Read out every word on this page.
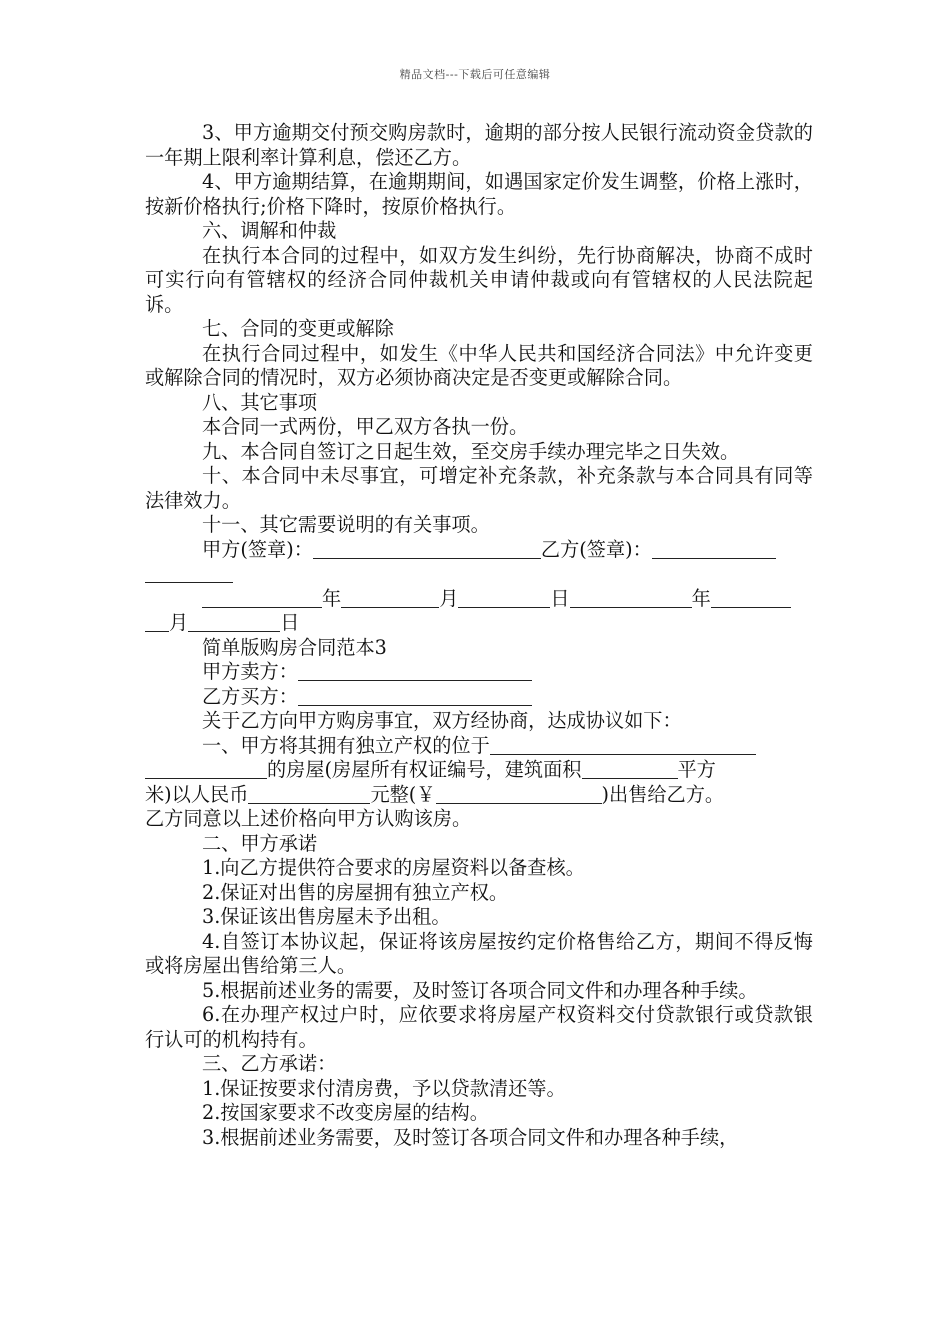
精品文档---下载后可任意编辑

3、甲方逾期交付预交购房款时，逾期的部分按人民银行流动资金贷款的一年期上限利率计算利息，偿还乙方。

4、甲方逾期结算，在逾期期间，如遇国家定价发生调整，价格上涨时，按新价格执行;价格下降时，按原价格执行。

六、调解和仲裁

在执行本合同的过程中，如双方发生纠纷，先行协商解决，协商不成时可实行向有管辖权的经济合同仲裁机关申请仲裁或向有管辖权的人民法院起诉。

七、合同的变更或解除

在执行合同过程中，如发生《中华人民共和国经济合同法》中允许变更或解除合同的情况时，双方必须协商决定是否变更或解除合同。

八、其它事项

本合同一式两份，甲乙双方各执一份。

九、本合同自签订之日起生效，至交房手续办理完毕之日失效。

十、本合同中未尽事宜，可增定补充条款，补充条款与本合同具有同等法律效力。

十一、其它需要说明的有关事项。

甲方(签章)：	乙方(签章)：

年	月	日	年

月	日

简单版购房合同范本3

甲方卖方：

乙方买方：

关于乙方向甲方购房事宜，双方经协商，达成协议如下：

一、甲方将其拥有独立产权的位于

的房屋(房屋所有权证编号，建筑面积	平方

米)以人民币	元整(￥	)出售给乙方。

乙方同意以上述价格向甲方认购该房。

二、甲方承诺

1.向乙方提供符合要求的房屋资料以备查核。

2.保证对出售的房屋拥有独立产权。

3.保证该出售房屋未予出租。

4.自签订本协议起，保证将该房屋按约定价格售给乙方，期间不得反悔或将房屋出售给第三人。

5.根据前述业务的需要，及时签订各项合同文件和办理各种手续。

6.在办理产权过户时，应依要求将房屋产权资料交付贷款银行或贷款银行认可的机构持有。

三、乙方承诺：

1.保证按要求付清房费，予以贷款清还等。

2.按国家要求不改变房屋的结构。

3.根据前述业务需要，及时签订各项合同文件和办理各种手续，
